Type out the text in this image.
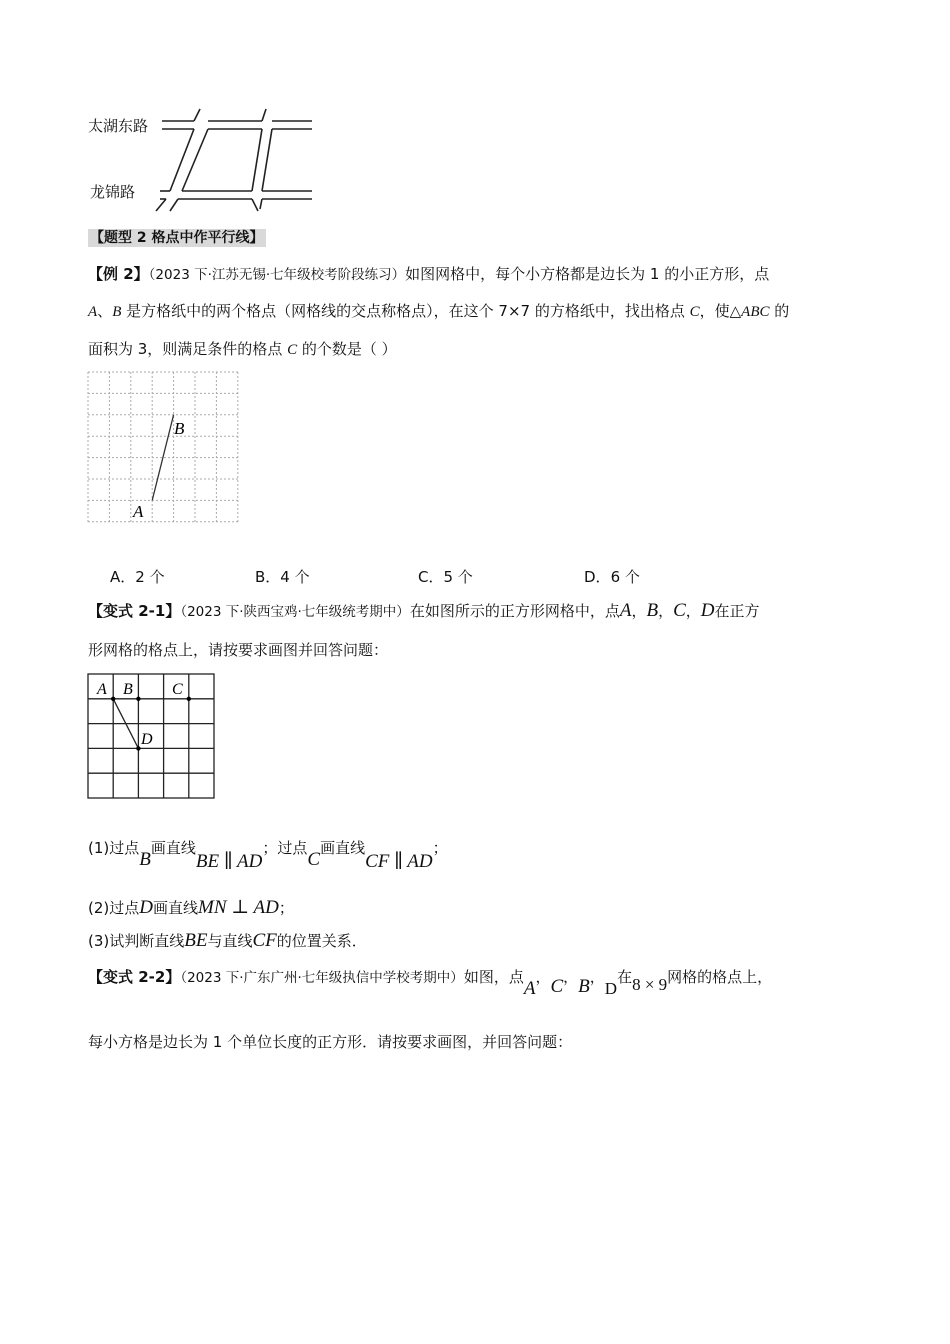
太湖东路
龙锦路
【题型 2 格点中作平行线】
【例 2】（2023 下·江苏无锡·七年级校考阶段练习）如图网格中，每个小方格都是边长为 1 的小正方形，点
A、B 是方格纸中的两个格点（网格线的交点称格点），在这个 7×7 的方格纸中，找出格点 C，使△ABC 的
面积为 3，则满足条件的格点 C 的个数是（ ）
B
A
A．2 个	B．4 个	C．5 个	D．6 个
【变式 2-1】（2023 下·陕西宝鸡·七年级统考期中）在如图所示的正方形网格中，点A，B，C，D在正方
形网格的格点上，请按要求画图并回答问题：
A B C
D
(1)过点B画直线BE ∥ AD；过点C画直线CF ∥ AD；
(2)过点D画直线MN ⊥ AD；
(3)试判断直线BE与直线CF的位置关系．
【变式 2-2】（2023 下·广东广州·七年级执信中学校考期中）如图，点A，C，B，D在8 × 9网格的格点上，
每小方格是边长为 1 个单位长度的正方形．请按要求画图，并回答问题：
